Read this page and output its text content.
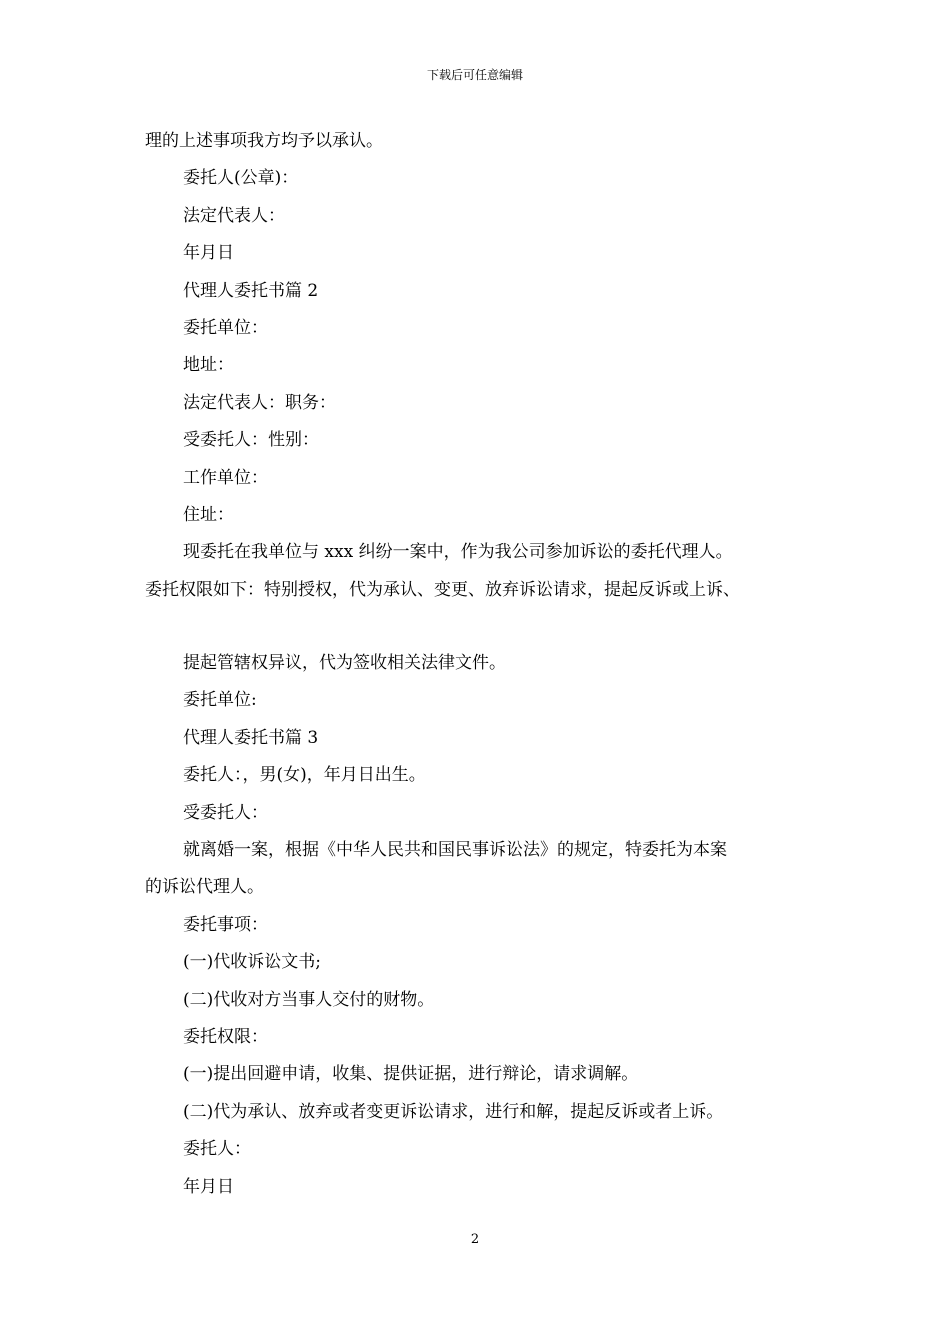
下载后可任意编辑
理的上述事项我方均予以承认。
委托人(公章)：
法定代表人：
年月日
代理人委托书篇 2
委托单位：
地址：
法定代表人：职务：
受委托人：性别：
工作单位：
住址：
现委托在我单位与 xxx 纠纷一案中，作为我公司参加诉讼的委托代理人。
委托权限如下：特别授权，代为承认、变更、放弃诉讼请求，提起反诉或上诉、
提起管辖权异议，代为签收相关法律文件。
委托单位:
代理人委托书篇 3
委托人：，男(女)，年月日出生。
受委托人：
就离婚一案，根据《中华人民共和国民事诉讼法》的规定，特委托为本案
的诉讼代理人。
委托事项：
(一)代收诉讼文书;
(二)代收对方当事人交付的财物。
委托权限：
(一)提出回避申请，收集、提供证据，进行辩论，请求调解。
(二)代为承认、放弃或者变更诉讼请求，进行和解，提起反诉或者上诉。
委托人：
年月日
2
